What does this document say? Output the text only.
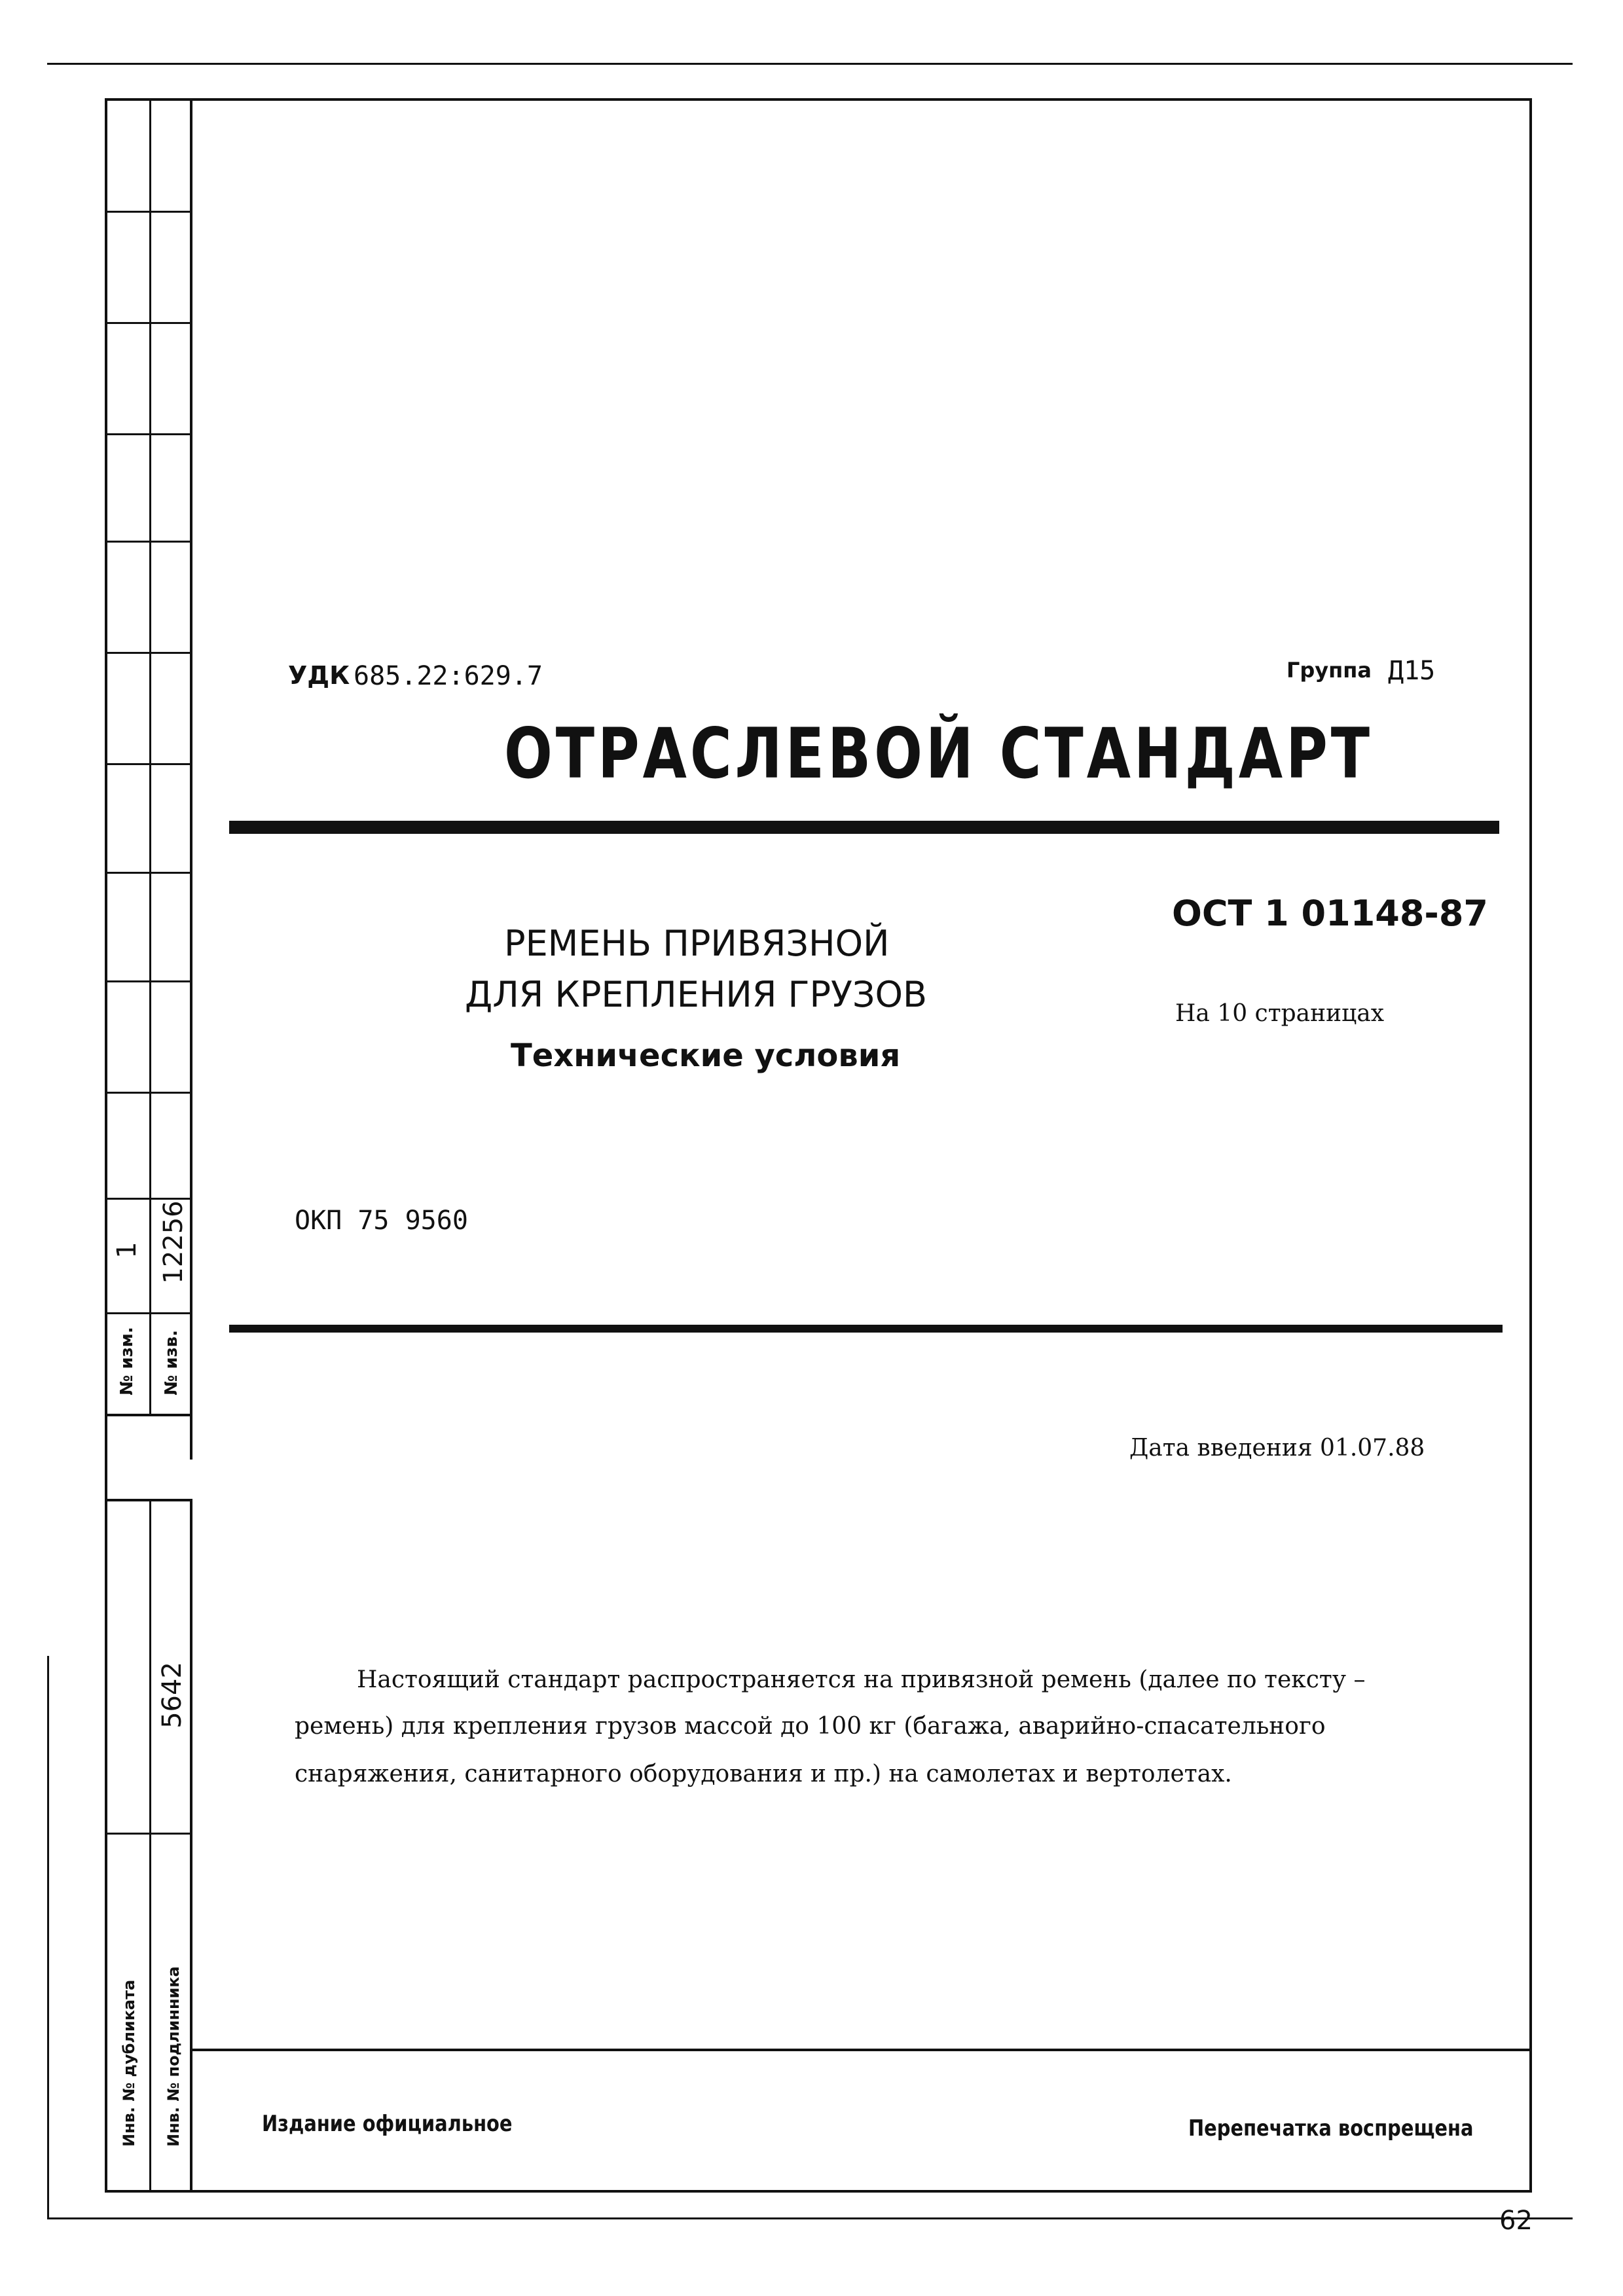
1 12256
№ изм.	№ изв.
5642
Инв. № дубликата	Инв. № подлинника
УДК 685.22:629.7	Группа Д15
ОТРАСЛЕВОЙ СТАНДАРТ
РЕМЕНЬ ПРИВЯЗНОЙ
ДЛЯ КРЕПЛЕНИЯ ГРУЗОВ
Технические условия
ОСТ 1 01148-87
На 10 страницах
ОКП 75 9560
Дата введения 01.07.88
Настоящий стандарт распространяется на привязной ремень (далее по тексту –
ремень) для крепления грузов массой до 100 кг (багажа, аварийно-спасательного
снаряжения, санитарного оборудования и пр.) на самолетах и вертолетах.
Издание официальное	Перепечатка воспрещена
62
